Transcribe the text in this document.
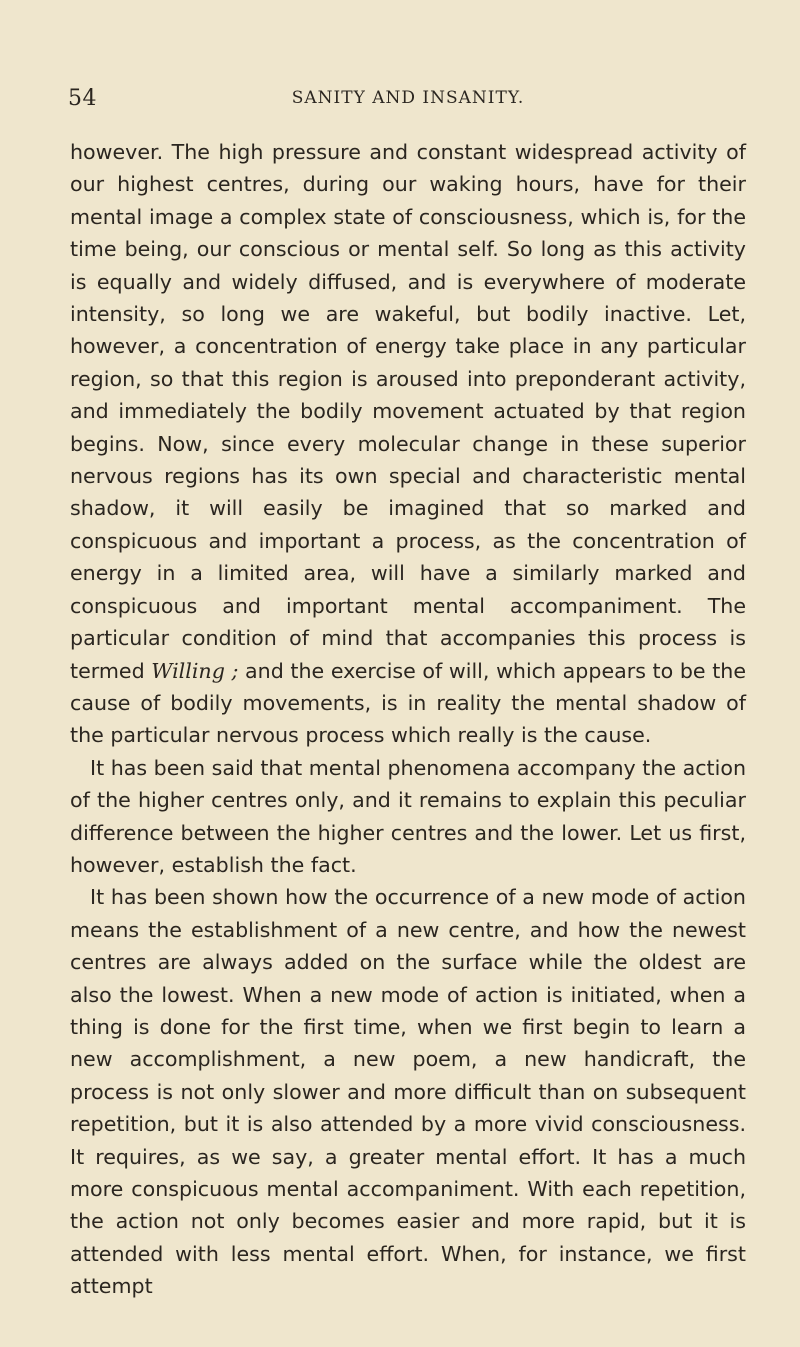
54	SANITY AND INSANITY.

however. The high pressure and constant widespread activity of our highest centres, during our waking hours, have for their mental image a complex state of consciousness, which is, for the time being, our conscious or mental self. So long as this activity is equally and widely diffused, and is everywhere of moderate intensity, so long we are wakeful, but bodily inactive. Let, however, a concentration of energy take place in any particular region, so that this region is aroused into preponderant activity, and immediately the bodily movement actuated by that region begins. Now, since every molecular change in these superior nervous regions has its own special and characteristic mental shadow, it will easily be imagined that so marked and conspicuous and important a process, as the concentration of energy in a limited area, will have a similarly marked and conspicuous and important mental accompaniment. The particular condition of mind that accompanies this process is termed Willing ; and the exercise of will, which appears to be the cause of bodily movements, is in reality the mental shadow of the particular nervous process which really is the cause.

It has been said that mental phenomena accompany the action of the higher centres only, and it remains to explain this peculiar difference between the higher centres and the lower. Let us first, however, establish the fact.

It has been shown how the occurrence of a new mode of action means the establishment of a new centre, and how the newest centres are always added on the surface while the oldest are also the lowest. When a new mode of action is initiated, when a thing is done for the first time, when we first begin to learn a new accomplishment, a new poem, a new handicraft, the process is not only slower and more difficult than on subsequent repetition, but it is also attended by a more vivid consciousness. It requires, as we say, a greater mental effort. It has a much more conspicuous mental accompaniment. With each repetition, the action not only becomes easier and more rapid, but it is attended with less mental effort. When, for instance, we first attempt
